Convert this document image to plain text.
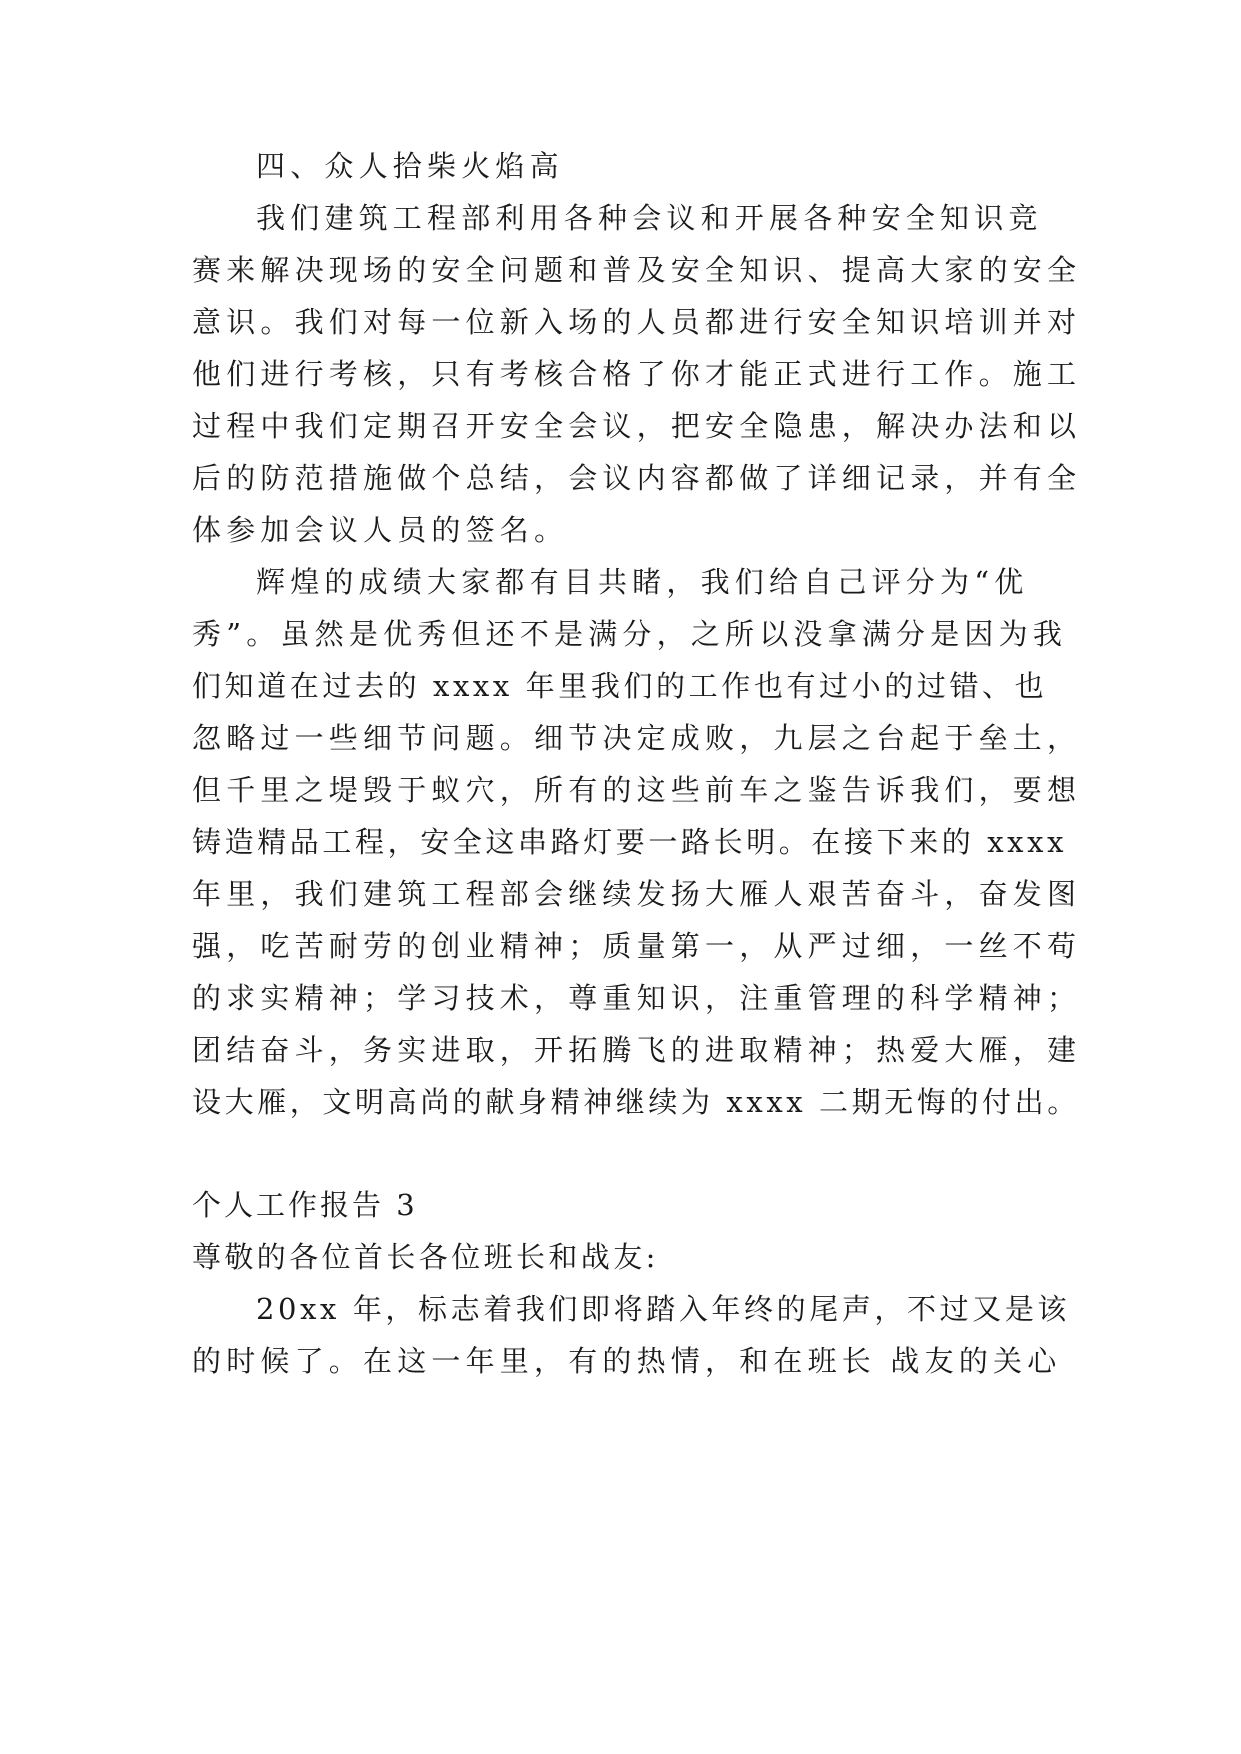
四、众人拾柴火焰高
我们建筑工程部利用各种会议和开展各种安全知识竞
赛来解决现场的安全问题和普及安全知识、提高大家的安全
意识。我们对每一位新入场的人员都进行安全知识培训并对
他们进行考核，只有考核合格了你才能正式进行工作。施工
过程中我们定期召开安全会议，把安全隐患，解决办法和以
后的防范措施做个总结，会议内容都做了详细记录，并有全
体参加会议人员的签名。
辉煌的成绩大家都有目共睹，我们给自己评分为“优
秀”。虽然是优秀但还不是满分，之所以没拿满分是因为我
们知道在过去的 xxxx 年里我们的工作也有过小的过错、也
忽略过一些细节问题。细节决定成败，九层之台起于垒土，
但千里之堤毁于蚁穴，所有的这些前车之鉴告诉我们，要想
铸造精品工程，安全这串路灯要一路长明。在接下来的 xxxx
年里，我们建筑工程部会继续发扬大雁人艰苦奋斗，奋发图
强，吃苦耐劳的创业精神；质量第一，从严过细，一丝不苟
的求实精神；学习技术，尊重知识，注重管理的科学精神；
团结奋斗，务实进取，开拓腾飞的进取精神；热爱大雁，建
设大雁，文明高尚的献身精神继续为 xxxx 二期无悔的付出。
个人工作报告 3
尊敬的各位首长各位班长和战友:
20xx 年，标志着我们即将踏入年终的尾声，不过又是该
的时候了。在这一年里，有的热情，和在班长 战友的关心
